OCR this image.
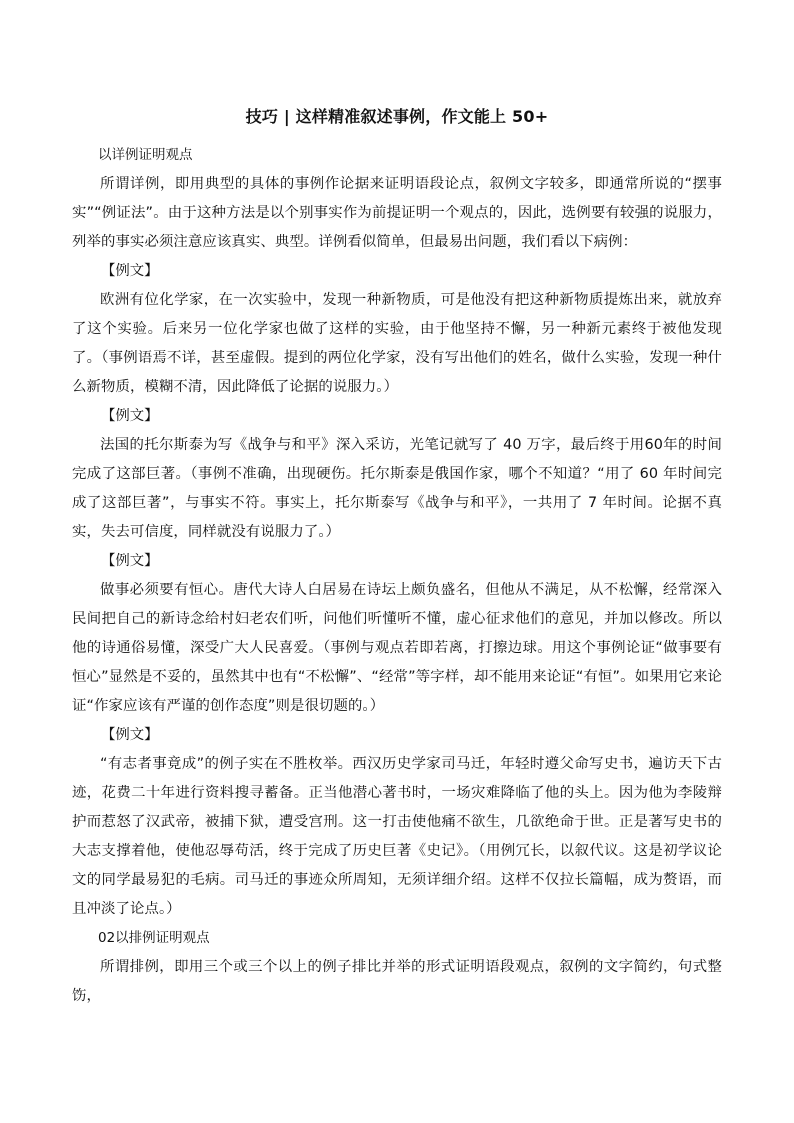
技巧 | 这样精准叙述事例，作文能上 50+

以详例证明观点

所谓详例，即用典型的具体的事例作论据来证明语段论点，叙例文字较多，即通常所说的“摆事实”“例证法”。由于这种方法是以个别事实作为前提证明一个观点的，因此，选例要有较强的说服力，列举的事实必须注意应该真实、典型。详例看似简单，但最易出问题，我们看以下病例：

【例文】

欧洲有位化学家，在一次实验中，发现一种新物质，可是他没有把这种新物质提炼出来，就放弃了这个实验。后来另一位化学家也做了这样的实验，由于他坚持不懈，另一种新元素终于被他发现了。（事例语焉不详，甚至虚假。提到的两位化学家，没有写出他们的姓名，做什么实验，发现一种什么新物质，模糊不清，因此降低了论据的说服力。）

【例文】

法国的托尔斯泰为写《战争与和平》深入采访，光笔记就写了 40 万字，最后终于用60年的时间完成了这部巨著。（事例不准确，出现硬伤。托尔斯泰是俄国作家，哪个不知道？“用了 60 年时间完成了这部巨著”，与事实不符。事实上，托尔斯泰写《战争与和平》，一共用了 7 年时间。论据不真实，失去可信度，同样就没有说服力了。）

【例文】

做事必须要有恒心。唐代大诗人白居易在诗坛上颇负盛名，但他从不满足，从不松懈，经常深入民间把自己的新诗念给村妇老农们听，问他们听懂听不懂，虚心征求他们的意见，并加以修改。所以他的诗通俗易懂，深受广大人民喜爱。（事例与观点若即若离，打擦边球。用这个事例论证“做事要有恒心”显然是不妥的，虽然其中也有“不松懈”、“经常”等字样，却不能用来论证“有恒”。如果用它来论证“作家应该有严谨的创作态度”则是很切题的。）

【例文】

“有志者事竟成”的例子实在不胜枚举。西汉历史学家司马迁，年轻时遵父命写史书，遍访天下古迹，花费二十年进行资料搜寻蓄备。正当他潜心著书时，一场灾难降临了他的头上。因为他为李陵辩护而惹怒了汉武帝，被捕下狱，遭受宫刑。这一打击使他痛不欲生，几欲绝命于世。正是著写史书的大志支撑着他，使他忍辱苟活，终于完成了历史巨著《史记》。（用例冗长，以叙代议。这是初学议论文的同学最易犯的毛病。司马迁的事迹众所周知，无须详细介绍。这样不仅拉长篇幅，成为赘语，而且冲淡了论点。）

02以排例证明观点

所谓排例，即用三个或三个以上的例子排比并举的形式证明语段观点，叙例的文字简约，句式整饬，
